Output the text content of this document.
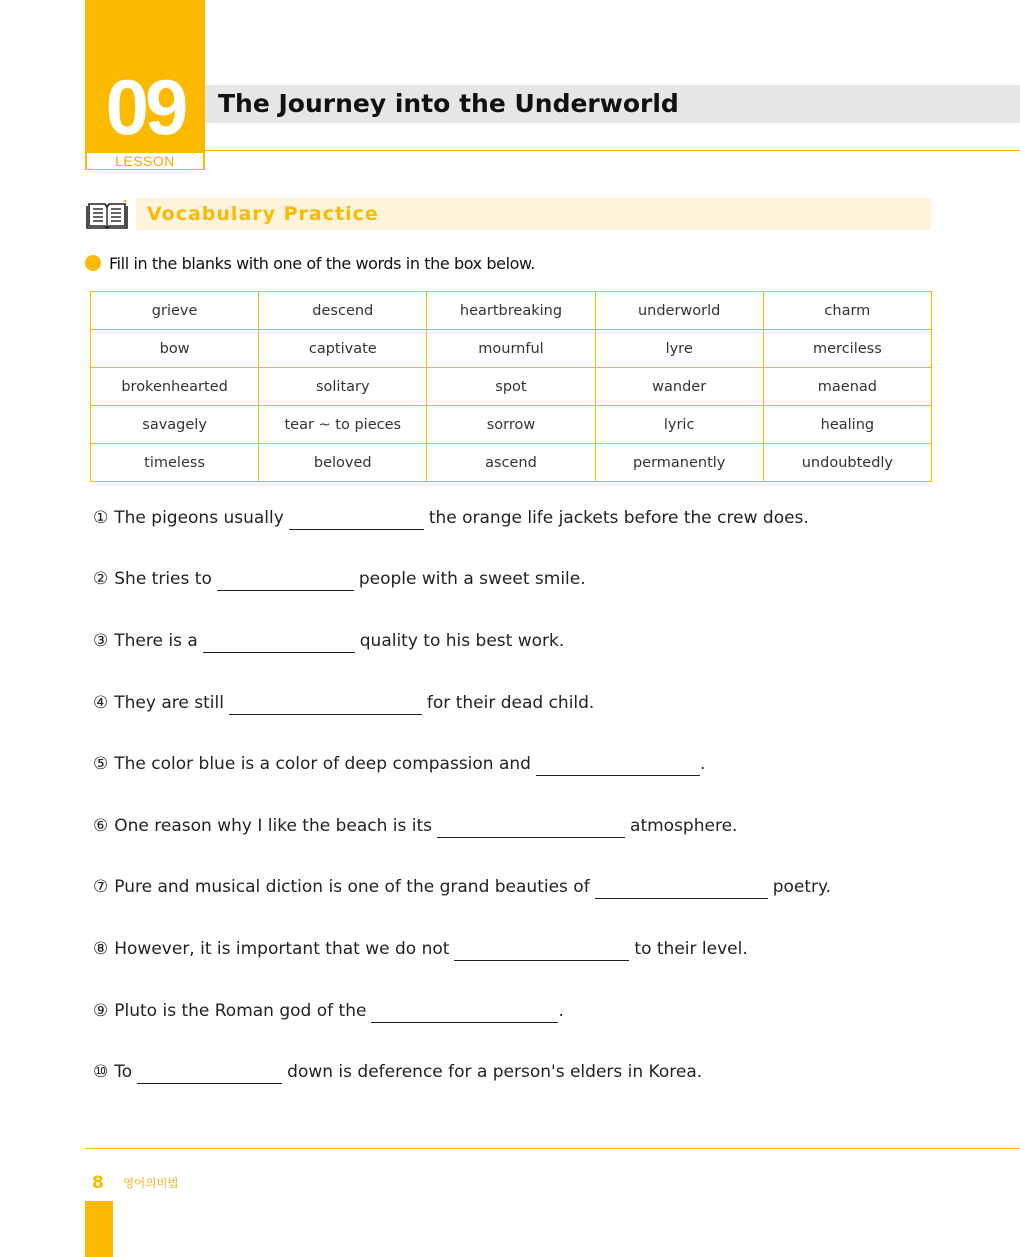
09
LESSON
The Journey into the Underworld
Vocabulary Practice
Fill in the blanks with one of the words in the box below.
grieve	descend	heartbreaking	underworld	charm
bow	captivate	mournful	lyre	merciless
brokenhearted	solitary	spot	wander	maenad
savagely	tear ~ to pieces	sorrow	lyric	healing
timeless	beloved	ascend	permanently	undoubtedly
① The pigeons usually	the orange life jackets before the crew does.
② She tries to	people with a sweet smile.
③ There is a	quality to his best work.
④ They are still	for their dead child.
⑤ The color blue is a color of deep compassion and	.
⑥ One reason why I like the beach is its	atmosphere.
⑦ Pure and musical diction is one of the grand beauties of	poetry.
⑧ However, it is important that we do not	to their level.
⑨ Pluto is the Roman god of the	.
⑩ To	down is deference for a person's elders in Korea.
8 영어의비법
